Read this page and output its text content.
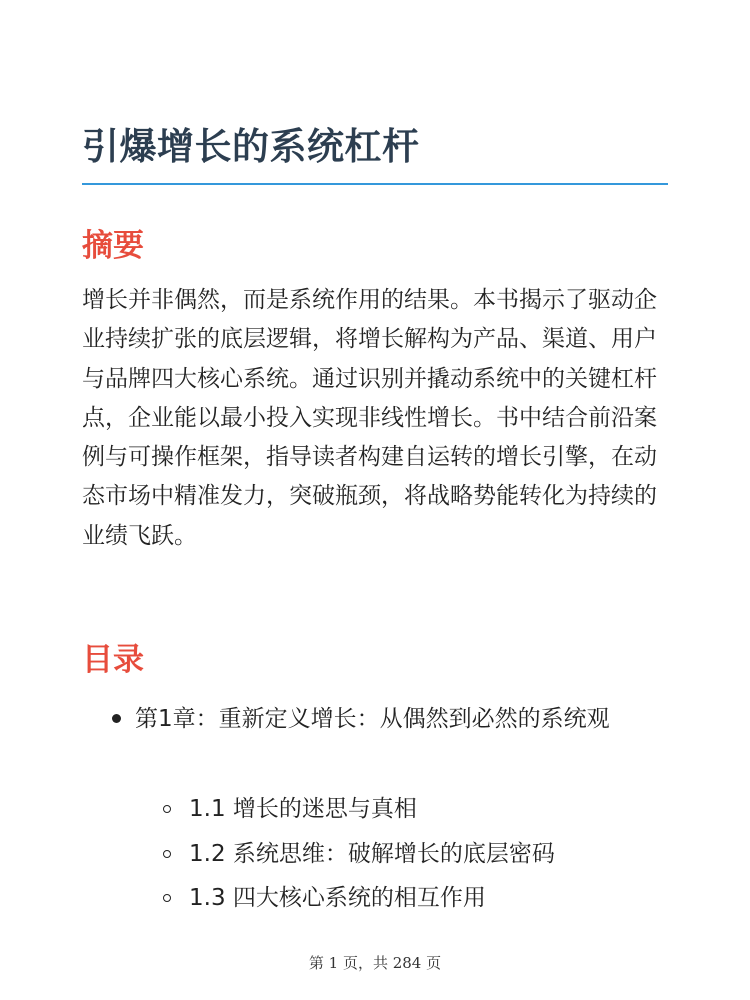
引爆增长的系统杠杆
摘要

增长并非偶然，而是系统作用的结果。本书揭示了驱动企业持续扩张的底层逻辑，将增长解构为产品、渠道、用户与品牌四大核心系统。通过识别并撬动系统中的关键杠杆点，企业能以最小投入实现非线性增长。书中结合前沿案例与可操作框架，指导读者构建自运转的增长引擎，在动态市场中精准发力，突破瓶颈，将战略势能转化为持续的业绩飞跃。

目录
第1章：重新定义增长：从偶然到必然的系统观
1.1 增长的迷思与真相
1.2 系统思维：破解增长的底层密码
1.3 四大核心系统的相互作用
第 1 页，共 284 页
